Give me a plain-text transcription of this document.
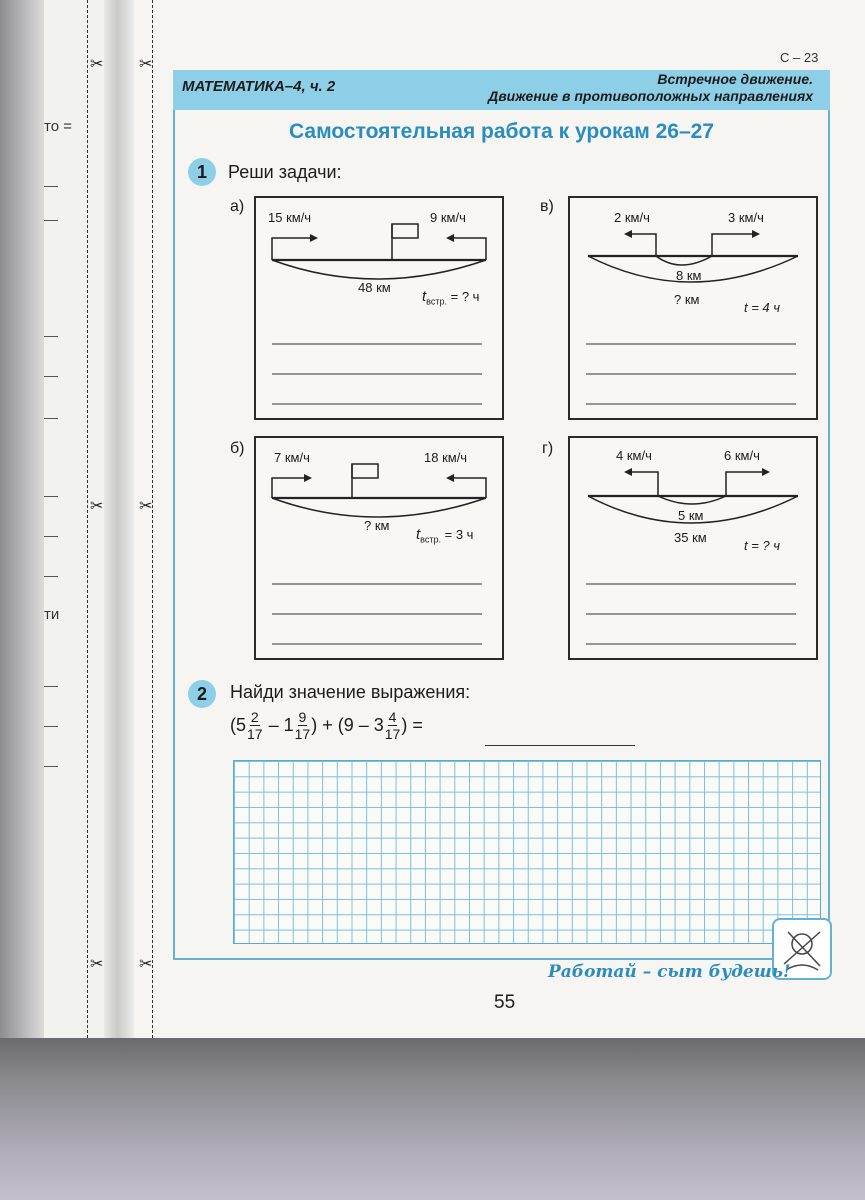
то =
ти
✂ ✂
✂ ✂
✂ ✂
С – 23
МАТЕМАТИКА–4, ч. 2	Встречное движение.
Движение в противоположных направлениях
Самостоятельная работа к урокам 26–27
1	Реши задачи:
а)
15 км/ч	9 км/ч
48 км
$t_{встр.}$ = ? ч
в)
2 км/ч	3 км/ч
8 км
? км
t = 4 ч
б)
7 км/ч	18 км/ч
? км
$t_{встр.} = 3$ ч
г)	4 км/ч	6 км/ч
5 км
35 км
t = ? ч
2	Найди значение выражения:
($5 \frac{2}{17} - 1 \frac{9}{17}$ ) + ($9 - 3 \frac{4}{17}$ ) =
Работай – сыт будешь!
55
